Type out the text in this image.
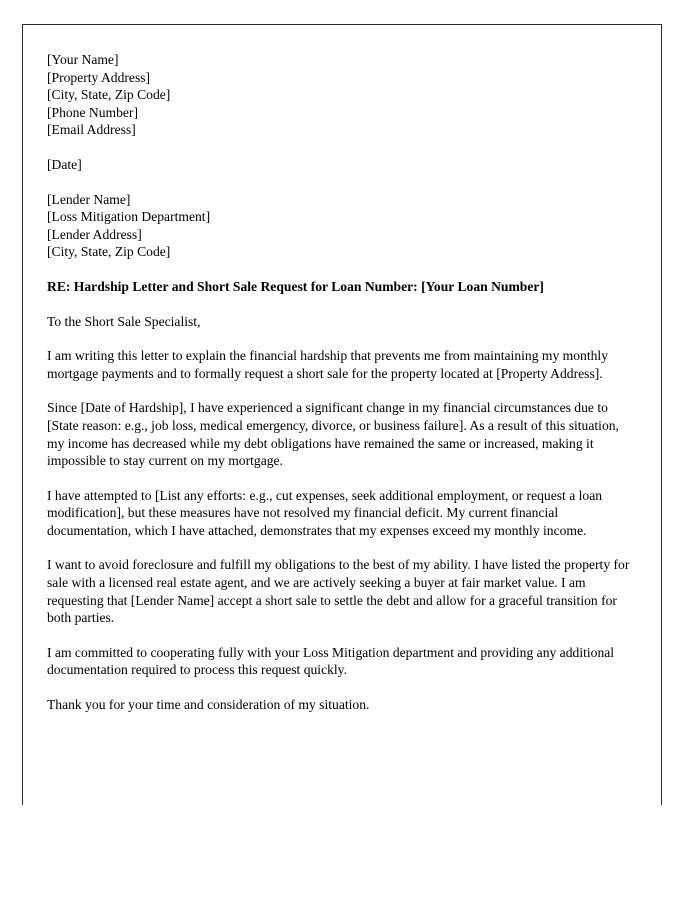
[Your Name]
[Property Address]
[City, State, Zip Code]
[Phone Number]
[Email Address]
[Date]
[Lender Name]
[Loss Mitigation Department]
[Lender Address]
[City, State, Zip Code]
RE: Hardship Letter and Short Sale Request for Loan Number: [Your Loan Number]
To the Short Sale Specialist,

I am writing this letter to explain the financial hardship that prevents me from maintaining my monthly mortgage payments and to formally request a short sale for the property located at [Property Address].

Since [Date of Hardship], I have experienced a significant change in my financial circumstances due to [State reason: e.g., job loss, medical emergency, divorce, or business failure]. As a result of this situation, my income has decreased while my debt obligations have remained the same or increased, making it impossible to stay current on my mortgage.

I have attempted to [List any efforts: e.g., cut expenses, seek additional employment, or request a loan modification], but these measures have not resolved my financial deficit. My current financial documentation, which I have attached, demonstrates that my expenses exceed my monthly income.

I want to avoid foreclosure and fulfill my obligations to the best of my ability. I have listed the property for sale with a licensed real estate agent, and we are actively seeking a buyer at fair market value. I am requesting that [Lender Name] accept a short sale to settle the debt and allow for a graceful transition for both parties.

I am committed to cooperating fully with your Loss Mitigation department and providing any additional documentation required to process this request quickly.

Thank you for your time and consideration of my situation.
